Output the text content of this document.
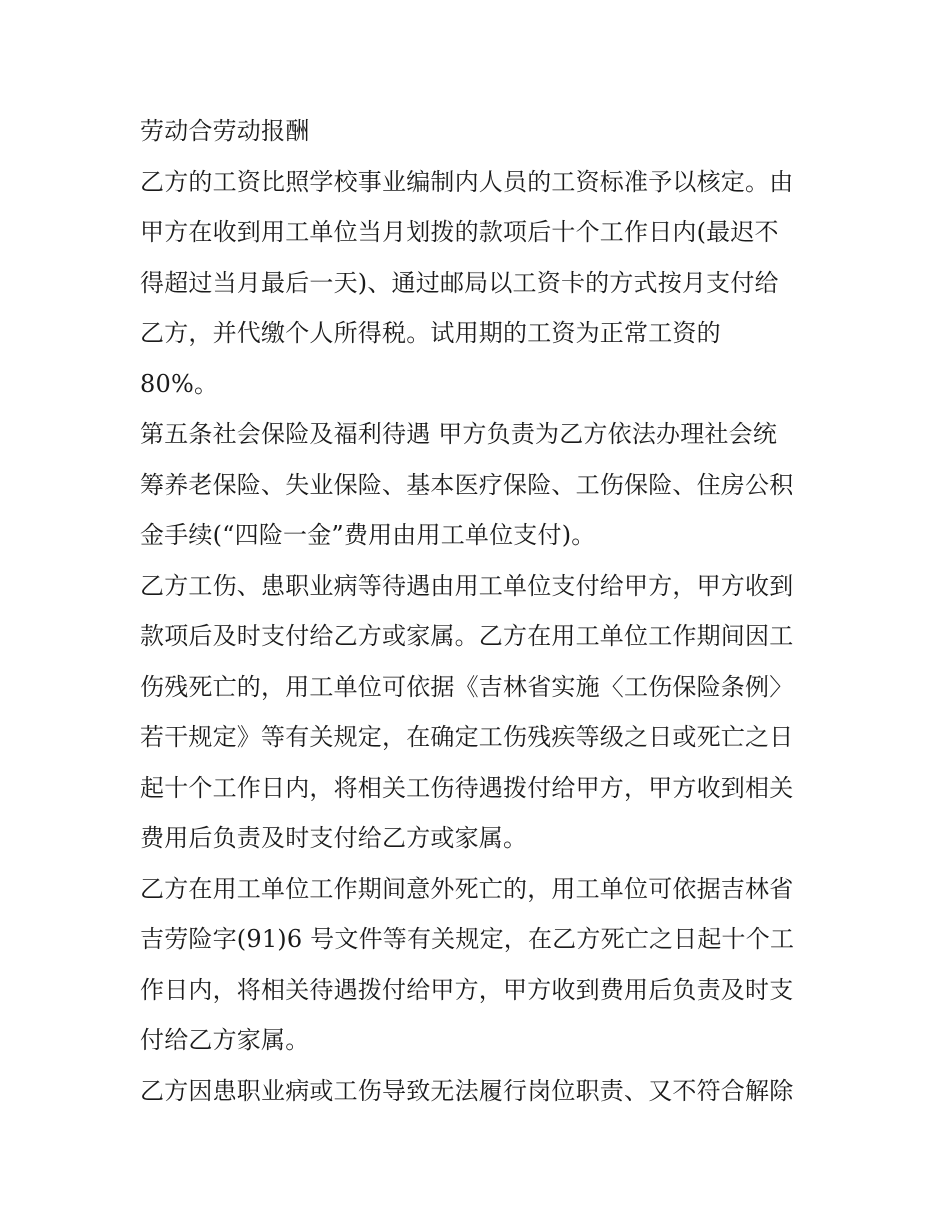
劳动合劳动报酬
乙方的工资比照学校事业编制内人员的工资标准予以核定。由
甲方在收到用工单位当月划拨的款项后十个工作日内(最迟不
得超过当月最后一天)、通过邮局以工资卡的方式按月支付给
乙方，并代缴个人所得税。试用期的工资为正常工资的
80%。
第五条社会保险及福利待遇 甲方负责为乙方依法办理社会统
筹养老保险、失业保险、基本医疗保险、工伤保险、住房公积
金手续(“四险一金”费用由用工单位支付)。
乙方工伤、患职业病等待遇由用工单位支付给甲方，甲方收到
款项后及时支付给乙方或家属。乙方在用工单位工作期间因工
伤残死亡的，用工单位可依据《吉林省实施〈工伤保险条例〉
若干规定》等有关规定，在确定工伤残疾等级之日或死亡之日
起十个工作日内，将相关工伤待遇拨付给甲方，甲方收到相关
费用后负责及时支付给乙方或家属。
乙方在用工单位工作期间意外死亡的，用工单位可依据吉林省
吉劳险字(91)6 号文件等有关规定，在乙方死亡之日起十个工
作日内，将相关待遇拨付给甲方，甲方收到费用后负责及时支
付给乙方家属。
乙方因患职业病或工伤导致无法履行岗位职责、又不符合解除
